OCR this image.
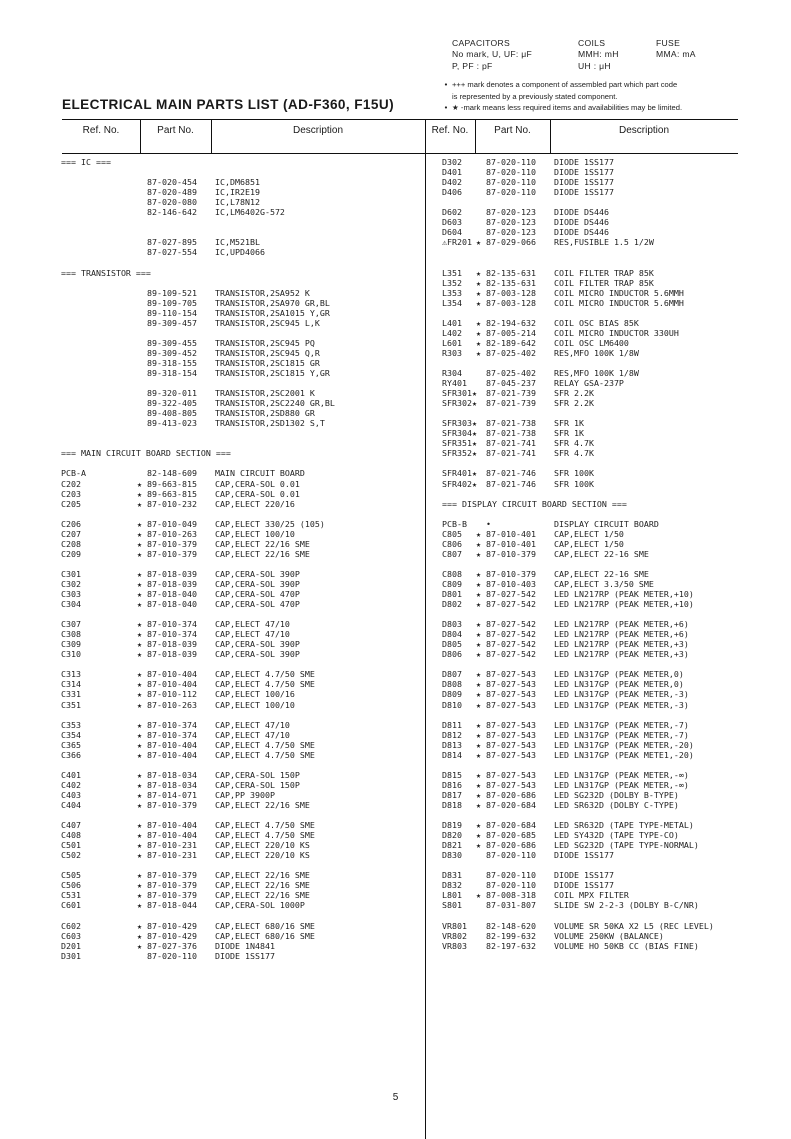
CAPACITORS	COILS	FUSE
No mark, U, UF: μF	MMH: mH	MMA: mA
P, PF : pF	UH : μH
• +++ mark denotes a component of assembled part which part code
is represented by a previously stated component.
• ★ -mark means less required items and availabilities may be limited.
ELECTRICAL MAIN PARTS LIST (AD-F360, F15U)
Ref. No.	Part No.	Description	Ref. No.	Part No.	Description
=== IC ===
87-020-454 IC,DM6851
87-020-489 IC,IR2E19
87-020-080 IC,L78N12
82-146-642 IC,LM6402G-572
87-027-895 IC,M521BL
87-027-554 IC,UPD4066
=== TRANSISTOR ===
89-109-521 TRANSISTOR,2SA952 K
89-109-705 TRANSISTOR,2SA970 GR,BL
89-110-154 TRANSISTOR,2SA1015 Y,GR
89-309-457 TRANSISTOR,2SC945 L,K
89-309-455 TRANSISTOR,2SC945 PQ
89-309-452 TRANSISTOR,2SC945 Q,R
89-318-155 TRANSISTOR,2SC1815 GR
89-318-154 TRANSISTOR,2SC1815 Y,GR
89-320-011 TRANSISTOR,2SC2001 K
89-322-405 TRANSISTOR,2SC2240 GR,BL
89-408-805 TRANSISTOR,2SD880 GR
89-413-023 TRANSISTOR,2SD1302 S,T
=== MAIN CIRCUIT BOARD SECTION ===
PCB-A	82-148-609 MAIN CIRCUIT BOARD
C202	★ 89-663-815 CAP,CERA-SOL 0.01
C203	★ 89-663-815 CAP,CERA-SOL 0.01
C205	★ 87-010-232 CAP,ELECT 220/16
C206	★ 87-010-049 CAP,ELECT 330/25 (105)
C207	★ 87-010-263 CAP,ELECT 100/10
C208	★ 87-010-379 CAP,ELECT 22/16 SME
C209	★ 87-010-379 CAP,ELECT 22/16 SME
C301	★ 87-018-039 CAP,CERA-SOL 390P
C302	★ 87-018-039 CAP,CERA-SOL 390P
C303	★ 87-018-040 CAP,CERA-SOL 470P
C304	★ 87-018-040 CAP,CERA-SOL 470P
C307	★ 87-010-374 CAP,ELECT 47/10
C308	★ 87-010-374 CAP,ELECT 47/10
C309	★ 87-018-039 CAP,CERA-SOL 390P
C310	★ 87-018-039 CAP,CERA-SOL 390P
C313	★ 87-010-404 CAP,ELECT 4.7/50 SME
C314	★ 87-010-404 CAP,ELECT 4.7/50 SME
C331	★ 87-010-112 CAP,ELECT 100/16
C351	★ 87-010-263 CAP,ELECT 100/10
C353	★ 87-010-374 CAP,ELECT 47/10
C354	★ 87-010-374 CAP,ELECT 47/10
C365	★ 87-010-404 CAP,ELECT 4.7/50 SME
C366	★ 87-010-404 CAP,ELECT 4.7/50 SME
C401	★ 87-018-034 CAP,CERA-SOL 150P
C402	★ 87-018-034 CAP,CERA-SOL 150P
C403	★ 87-014-071 CAP,PP 3900P
C404	★ 87-010-379 CAP,ELECT 22/16 SME
C407	★ 87-010-404 CAP,ELECT 4.7/50 SME
C408	★ 87-010-404 CAP,ELECT 4.7/50 SME
C501	★ 87-010-231 CAP,ELECT 220/10 KS
C502	★ 87-010-231 CAP,ELECT 220/10 KS
C505	★ 87-010-379 CAP,ELECT 22/16 SME
C506	★ 87-010-379 CAP,ELECT 22/16 SME
C531	★ 87-010-379 CAP,ELECT 22/16 SME
C601	★ 87-018-044 CAP,CERA-SOL 1000P
C602	★ 87-010-429 CAP,ELECT 680/16 SME
C603	★ 87-010-429 CAP,ELECT 680/16 SME
D201	★ 87-027-376 DIODE 1N4841
D301	87-020-110 DIODE 1SS177
D302	87-020-110 DIODE 1SS177
D401	87-020-110 DIODE 1SS177
D402	87-020-110 DIODE 1SS177
D406	87-020-110 DIODE 1SS177
D602	87-020-123 DIODE DS446
D603	87-020-123 DIODE DS446
D604	87-020-123 DIODE DS446
⚠FR201 ★ 87-029-066 RES,FUSIBLE 1.5 1/2W
L351 ★ 82-135-631 COIL FILTER TRAP 85K
L352 ★ 82-135-631 COIL FILTER TRAP 85K
L353 ★ 87-003-128 COIL MICRO INDUCTOR 5.6MMH
L354 ★ 87-003-128 COIL MICRO INDUCTOR 5.6MMH
L401 ★ 82-194-632 COIL OSC BIAS 85K
L402 ★ 87-005-214 COIL MICRO INDUCTOR 330UH
L601 ★ 82-189-642 COIL OSC LM6400
R303 ★ 87-025-402 RES,MFO 100K 1/8W
R304	87-025-402 RES,MFO 100K 1/8W
RY401 87-045-237 RELAY GSA-237P
SFR301★ 87-021-739 SFR 2.2K
SFR302★ 87-021-739 SFR 2.2K
SFR303★ 87-021-738 SFR 1K
SFR304★ 87-021-738 SFR 1K
SFR351★ 87-021-741 SFR 4.7K
SFR352★ 87-021-741 SFR 4.7K
SFR401★ 87-021-746 SFR 100K
SFR402★ 87-021-746 SFR 100K
=== DISPLAY CIRCUIT BOARD SECTION ===
PCB-B •	DISPLAY CIRCUIT BOARD
C805 ★ 87-010-401 CAP,ELECT 1/50
C806 ★ 87-010-401 CAP,ELECT 1/50
C807 ★ 87-010-379 CAP,ELECT 22-16 SME
C808 ★ 87-010-379 CAP,ELECT 22-16 SME
C809 ★ 87-010-403 CAP,ELECT 3.3/50 SME
D801 ★ 87-027-542 LED LN217RP (PEAK METER,+10)
D802 ★ 87-027-542 LED LN217RP (PEAK METER,+10)
D803 ★ 87-027-542 LED LN217RP (PEAK METER,+6)
D804 ★ 87-027-542 LED LN217RP (PEAK METER,+6)
D805 ★ 87-027-542 LED LN217RP (PEAK METER,+3)
D806 ★ 87-027-542 LED LN217RP (PEAK METER,+3)
D807 ★ 87-027-543 LED LN317GP (PEAK METER,0)
D808 ★ 87-027-543 LED LN317GP (PEAK METER,0)
D809 ★ 87-027-543 LED LN317GP (PEAK METER,-3)
D810 ★ 87-027-543 LED LN317GP (PEAK METER,-3)
D811 ★ 87-027-543 LED LN317GP (PEAK METER,-7)
D812 ★ 87-027-543 LED LN317GP (PEAK METER,-7)
D813 ★ 87-027-543 LED LN317GP (PEAK METER,-20)
D814 ★ 87-027-543 LED LN317GP (PEAK METE1,-20)
D815 ★ 87-027-543 LED LN317GP (PEAK METER,-∞)
D816 ★ 87-027-543 LED LN317GP (PEAK METER,-∞)
D817 ★ 87-020-686 LED SG232D (DOLBY B-TYPE)
D818 ★ 87-020-684 LED SR632D (DOLBY C-TYPE)
D819 ★ 87-020-684 LED SR632D (TAPE TYPE-METAL)
D820 ★ 87-020-685 LED SY432D (TAPE TYPE-CO)
D821 ★ 87-020-686 LED SG232D (TAPE TYPE-NORMAL)
D830	87-020-110 DIODE 1SS177
D831	87-020-110 DIODE 1SS177
D832	87-020-110 DIODE 1SS177
L801 ★ 87-008-318 COIL MPX FILTER
S801	87-031-807 SLIDE SW 2-2-3 (DOLBY B-C/NR)
VR801 82-148-620 VOLUME SR 50KA X2 L5 (REC LEVEL)
VR802 82-199-632 VOLUME 250KW (BALANCE)
VR803 82-197-632 VOLUME HO 50KB CC (BIAS FINE)
5
